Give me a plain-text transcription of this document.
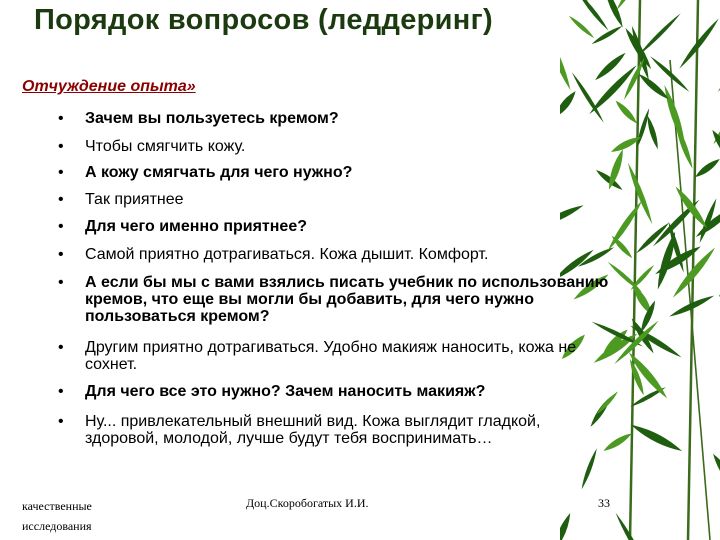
Порядок вопросов (леддеринг)
Отчуждение опыта»
•	Зачем вы пользуетесь кремом?
•	Чтобы смягчить кожу.
•	А кожу смягчать для чего нужно?
•	Так приятнее
•	Для чего именно приятнее?
•	Самой приятно дотрагиваться. Кожа дышит. Комфорт.
•	А если бы мы с вами взялись писать учебник по использованию кремов, что еще вы могли бы добавить, для чего нужно пользоваться кремом?
•	Другим приятно дотрагиваться. Удобно макияж наносить, кожа не сохнет.
•	Для чего все это нужно? Зачем наносить макияж?
•	Ну... привлекательный внешний вид. Кожа выглядит гладкой, здоровой, молодой, лучше будут тебя воспринимать…
качественные исследования
Доц.Скоробогатых И.И.	33
